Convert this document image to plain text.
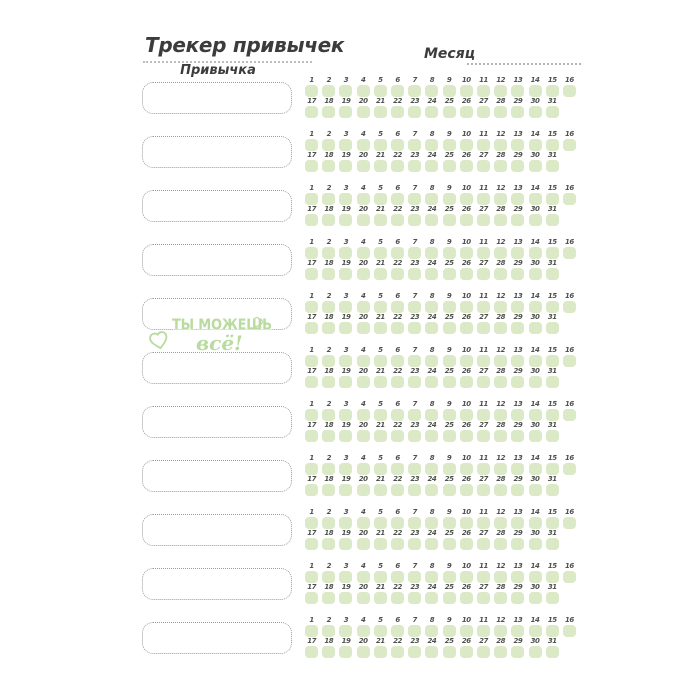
Трекер привычек	Месяц
Привычка
1 2 3 4 5 6 7 8 9 10 11 12 13 14 15 16
17 18 19 20 21 22 23 24 25 26 27 28 29 30 31
1 2 3 4 5 6 7 8 9 10 11 12 13 14 15 16
17 18 19 20 21 22 23 24 25 26 27 28 29 30 31
1 2 3 4 5 6 7 8 9 10 11 12 13 14 15 16
17 18 19 20 21 22 23 24 25 26 27 28 29 30 31
1 2 3 4 5 6 7 8 9 10 11 12 13 14 15 16
17 18 19 20 21 22 23 24 25 26 27 28 29 30 31
1 2 3 4 5 6 7 8 9 10 11 12 13 14 15 16
17 18 19 20 21 22 23 24 25 26 27 28 29 30 31
1 2 3 4 5 6 7 8 9 10 11 12 13 14 15 16
17 18 19 20 21 22 23 24 25 26 27 28 29 30 31
1 2 3 4 5 6 7 8 9 10 11 12 13 14 15 16
17 18 19 20 21 22 23 24 25 26 27 28 29 30 31
1 2 3 4 5 6 7 8 9 10 11 12 13 14 15 16
17 18 19 20 21 22 23 24 25 26 27 28 29 30 31
1 2 3 4 5 6 7 8 9 10 11 12 13 14 15 16
17 18 19 20 21 22 23 24 25 26 27 28 29 30 31
1 2 3 4 5 6 7 8 9 10 11 12 13 14 15 16
17 18 19 20 21 22 23 24 25 26 27 28 29 30 31
1 2 3 4 5 6 7 8 9 10 11 12 13 14 15 16
17 18 19 20 21 22 23 24 25 26 27 28 29 30 31
ТЫ МОЖЕШЬ
всё!
